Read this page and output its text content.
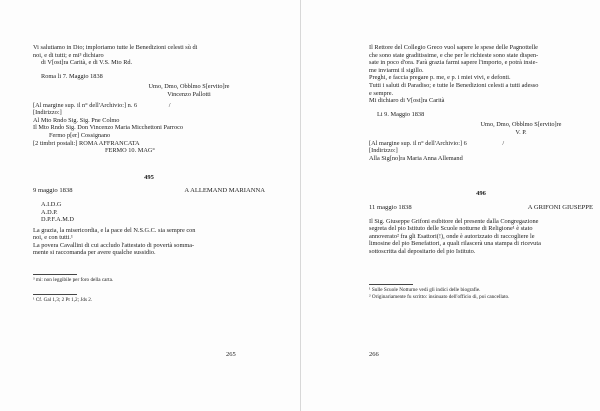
Vi salutiamo in Dio; imploriamo tutte le Benedizioni celesti sù di
noi, e di tutti; e mi³ dichiaro
di V[ost]ra Carità, e di V.S. Mto Rd.
Roma li 7. Maggio 1838
Umo, Dmo, Obblmo S[ervito]re
Vincenzo Pallotti
[Al margine sup. il n° dell'Archivio:] n. 6	/
[Indirizzo:]
Al Mto Rndo Sig. Sig. Pne Colmo
Il Mto Rndo Sig. Don Vincenzo Maria Micchettoni Parroco
Fermo p[er] Cossignano
[2 timbri postali:] ROMA AFFRANCATA
FERMO 10. MAG°
495
9 maggio 1838	A ALLEMAND MARIANNA
A.I.D.G
A.D.P.
D.P.F.A.M.D
La grazia, la misericordia, e la pace del N.S.G.C. sia sempre con
noi, e con tutti.¹
La povera Cavallini di cui accludo l'attestato di povertà somma-
mente si raccomanda per avere qualche sussidio.
³ mi: non leggibile per foro della carta.
¹ Cf. Gal 1,3; 2 Pt 1,2; Jds 2.
265
Il Rettore del Collegio Greco vuol sapere le spese delle Pagnottelle
che sono state graditissime, e che per le richieste sono state dispen-
sate in poco d'ora. Farà grazia farmi sapere l'importo, e potrà insie-
me inviarmi il sigillo.
Preghi, e faccia pregare p. me, e p. i miei vivi, e defonti.
Tutti i saluti di Paradiso; e tutte le Benedizioni celesti a tutti adesso
e sempre.
Mi dichiaro di V[ost]ra Carità
Li 9. Maggio 1838
Umo, Dmo, Obblmo S[ervito]re
V. P.
[Al margine sup. il n° dell'Archivio:] 6	/
[Indirizzo:]
Alla Sig[no]ra Maria Anna Allemand
496
11 maggio 1838	A GRIFONI GIUSEPPE
Il Sig. Giuseppe Grifoni esibitore del presente dalla Congregazione
segreta del pio Istituto delle Scuole notturne di Religione¹ è stato
annoverato² fra gli Esattori(!), onde è autorizzato di raccogliere le
limosine del pio Benefattori, a quali rilascerà una stampa di ricevuta
sottoscritta dal depositario del pio Istituto.
¹ Sulle Scuole Notturne vedi gli indici delle biografie.
² Originariamente fu scritto: insinuato dell'officio di, poi cancellato.
266
